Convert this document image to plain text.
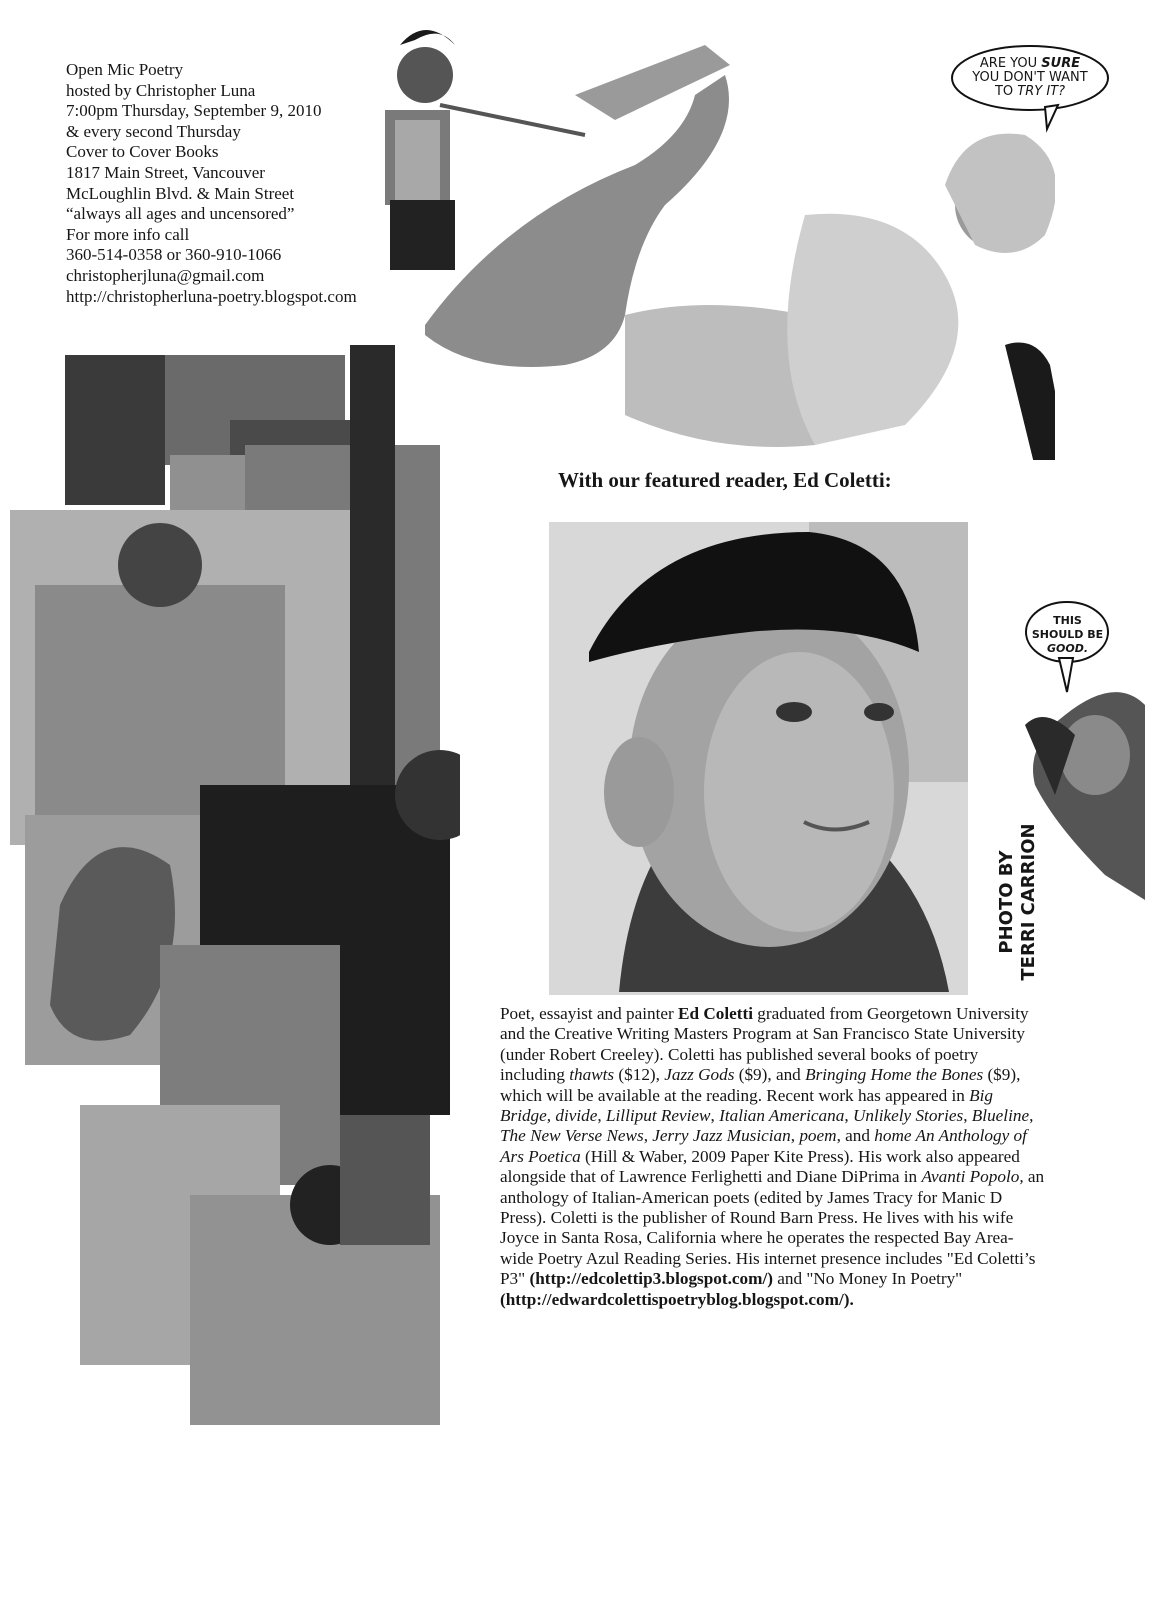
Open Mic Poetry
hosted by Christopher Luna
7:00pm Thursday, September 9, 2010
& every second Thursday
Cover to Cover Books
1817 Main Street, Vancouver
McLoughlin Blvd. & Main Street
“always all ages and uncensored”
For more info call
360-514-0358 or 360-910-1066
christopherjluna@gmail.com
http://christopherluna-poetry.blogspot.com
ARE YOU SURE
YOU DON'T WANT
TO TRY IT?
With our featured reader, Ed Coletti:
PHOTO BY TERRI CARRION
THIS
SHOULD BE
GOOD.
Poet, essayist and painter Ed Coletti graduated from Georgetown University and the Creative Writing Masters Program at San Francisco State University (under Robert Creeley). Coletti has published several books of poetry including thawts ($12), Jazz Gods ($9), and Bringing Home the Bones ($9), which will be available at the reading. Recent work has appeared in Big Bridge, divide, Lilliput Review, Italian Americana, Unlikely Stories, Blueline, The New Verse News, Jerry Jazz Musician, poem, and home An Anthology of Ars Poetica (Hill & Waber, 2009 Paper Kite Press). His work also appeared alongside that of Lawrence Ferlighetti and Diane DiPrima in Avanti Popolo, an anthology of Italian-American poets (edited by James Tracy for Manic D Press). Coletti is the publisher of Round Barn Press. He lives with his wife Joyce in Santa Rosa, California where he operates the respected Bay Area-wide Poetry Azul Reading Series. His internet presence includes "Ed Coletti’s P3" (http://edcolettip3.blogspot.com/) and "No Money In Poetry" (http://edwardcolettispoetryblog.blogspot.com/).
